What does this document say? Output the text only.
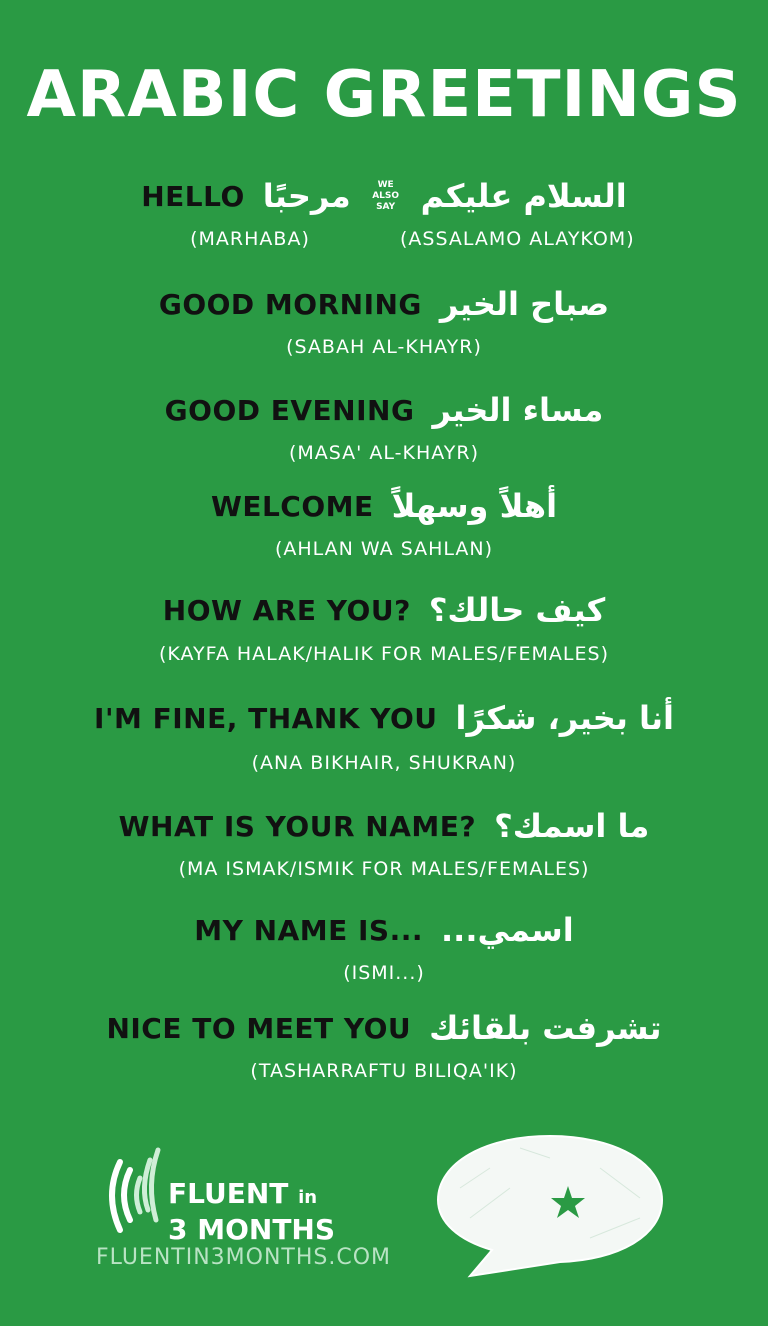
ARABIC GREETINGS
HELLO مرحبًا	WE
ALSO
SAY السلام عليكم
(MARHABA)	(ASSALAMO ALAYKOM)
GOOD MORNING صباح الخير
(SABAH AL-KHAYR)
GOOD EVENING مساء الخير
(MASA' AL-KHAYR)
WELCOME أهلاً وسهلاً
(AHLAN WA SAHLAN)
HOW ARE YOU? كيف حالك؟
(KAYFA HALAK/HALIK FOR MALES/FEMALES)
I'M FINE, THANK YOU أنا بخير، شكرًا
(ANA BIKHAIR, SHUKRAN)
WHAT IS YOUR NAME? ما اسمك؟
(MA ISMAK/ISMIK FOR MALES/FEMALES)
MY NAME IS... اسمي...
(ISMI...)
NICE TO MEET YOU تشرفت بلقائك
(TASHARRAFTU BILIQA'IK)
FLUENT in
3 MONTHS
FLUENTIN3MONTHS.COM
